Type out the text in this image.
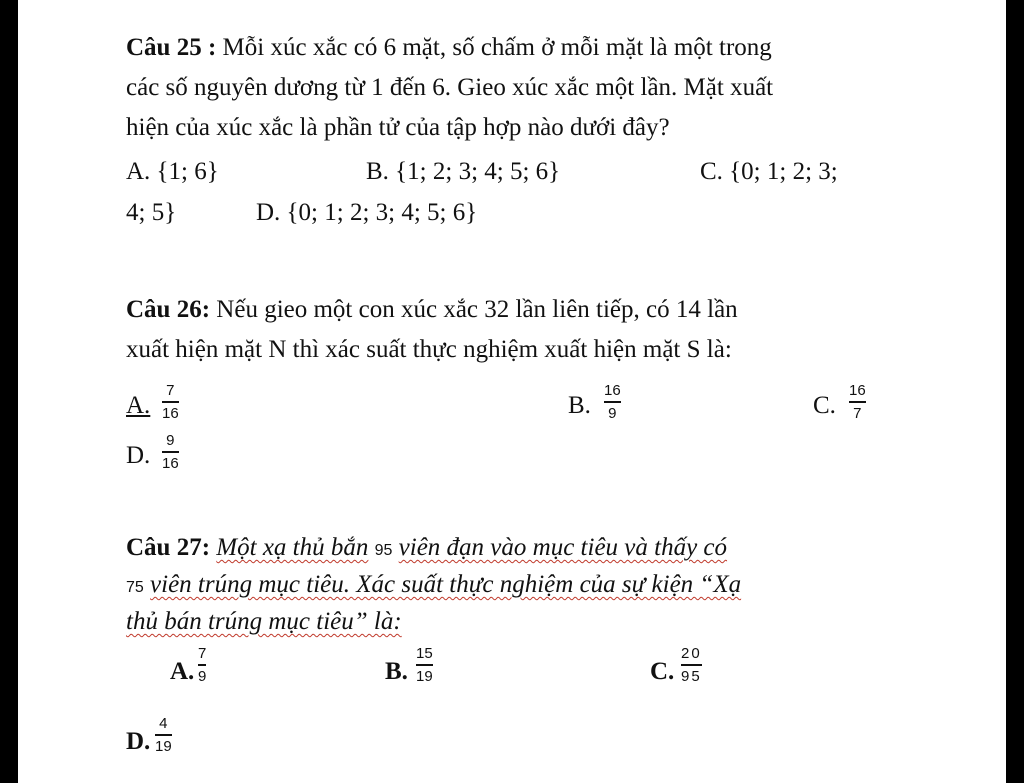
Câu 25 : Mỗi xúc xắc có 6 mặt, số chấm ở mỗi mặt là một trong
các số nguyên dương từ 1 đến 6. Gieo xúc xắc một lần. Mặt xuất
hiện của xúc xắc là phần tử của tập hợp nào dưới đây?
A. {1; 6}	B. {1; 2; 3; 4; 5; 6}	C. {0; 1; 2; 3;
4; 5}	D. {0; 1; 2; 3; 4; 5; 6}
Câu 26: Nếu gieo một con xúc xắc 32 lần liên tiếp, có 14 lần
xuất hiện mặt N thì xác suất thực nghiệm xuất hiện mặt S là:
A.
7
16	B.
16
9	C.
16
7
D.
9
16
Câu 27: Một xạ thủ bắn 95 viên đạn vào mục tiêu và thấy có
75 viên trúng mục tiêu. Xác suất thực nghiệm của sự kiện “Xạ
thủ bán trúng mục tiêu” là:
A.
7
9	B.
15
19	C.
20
95
D.
4
19
